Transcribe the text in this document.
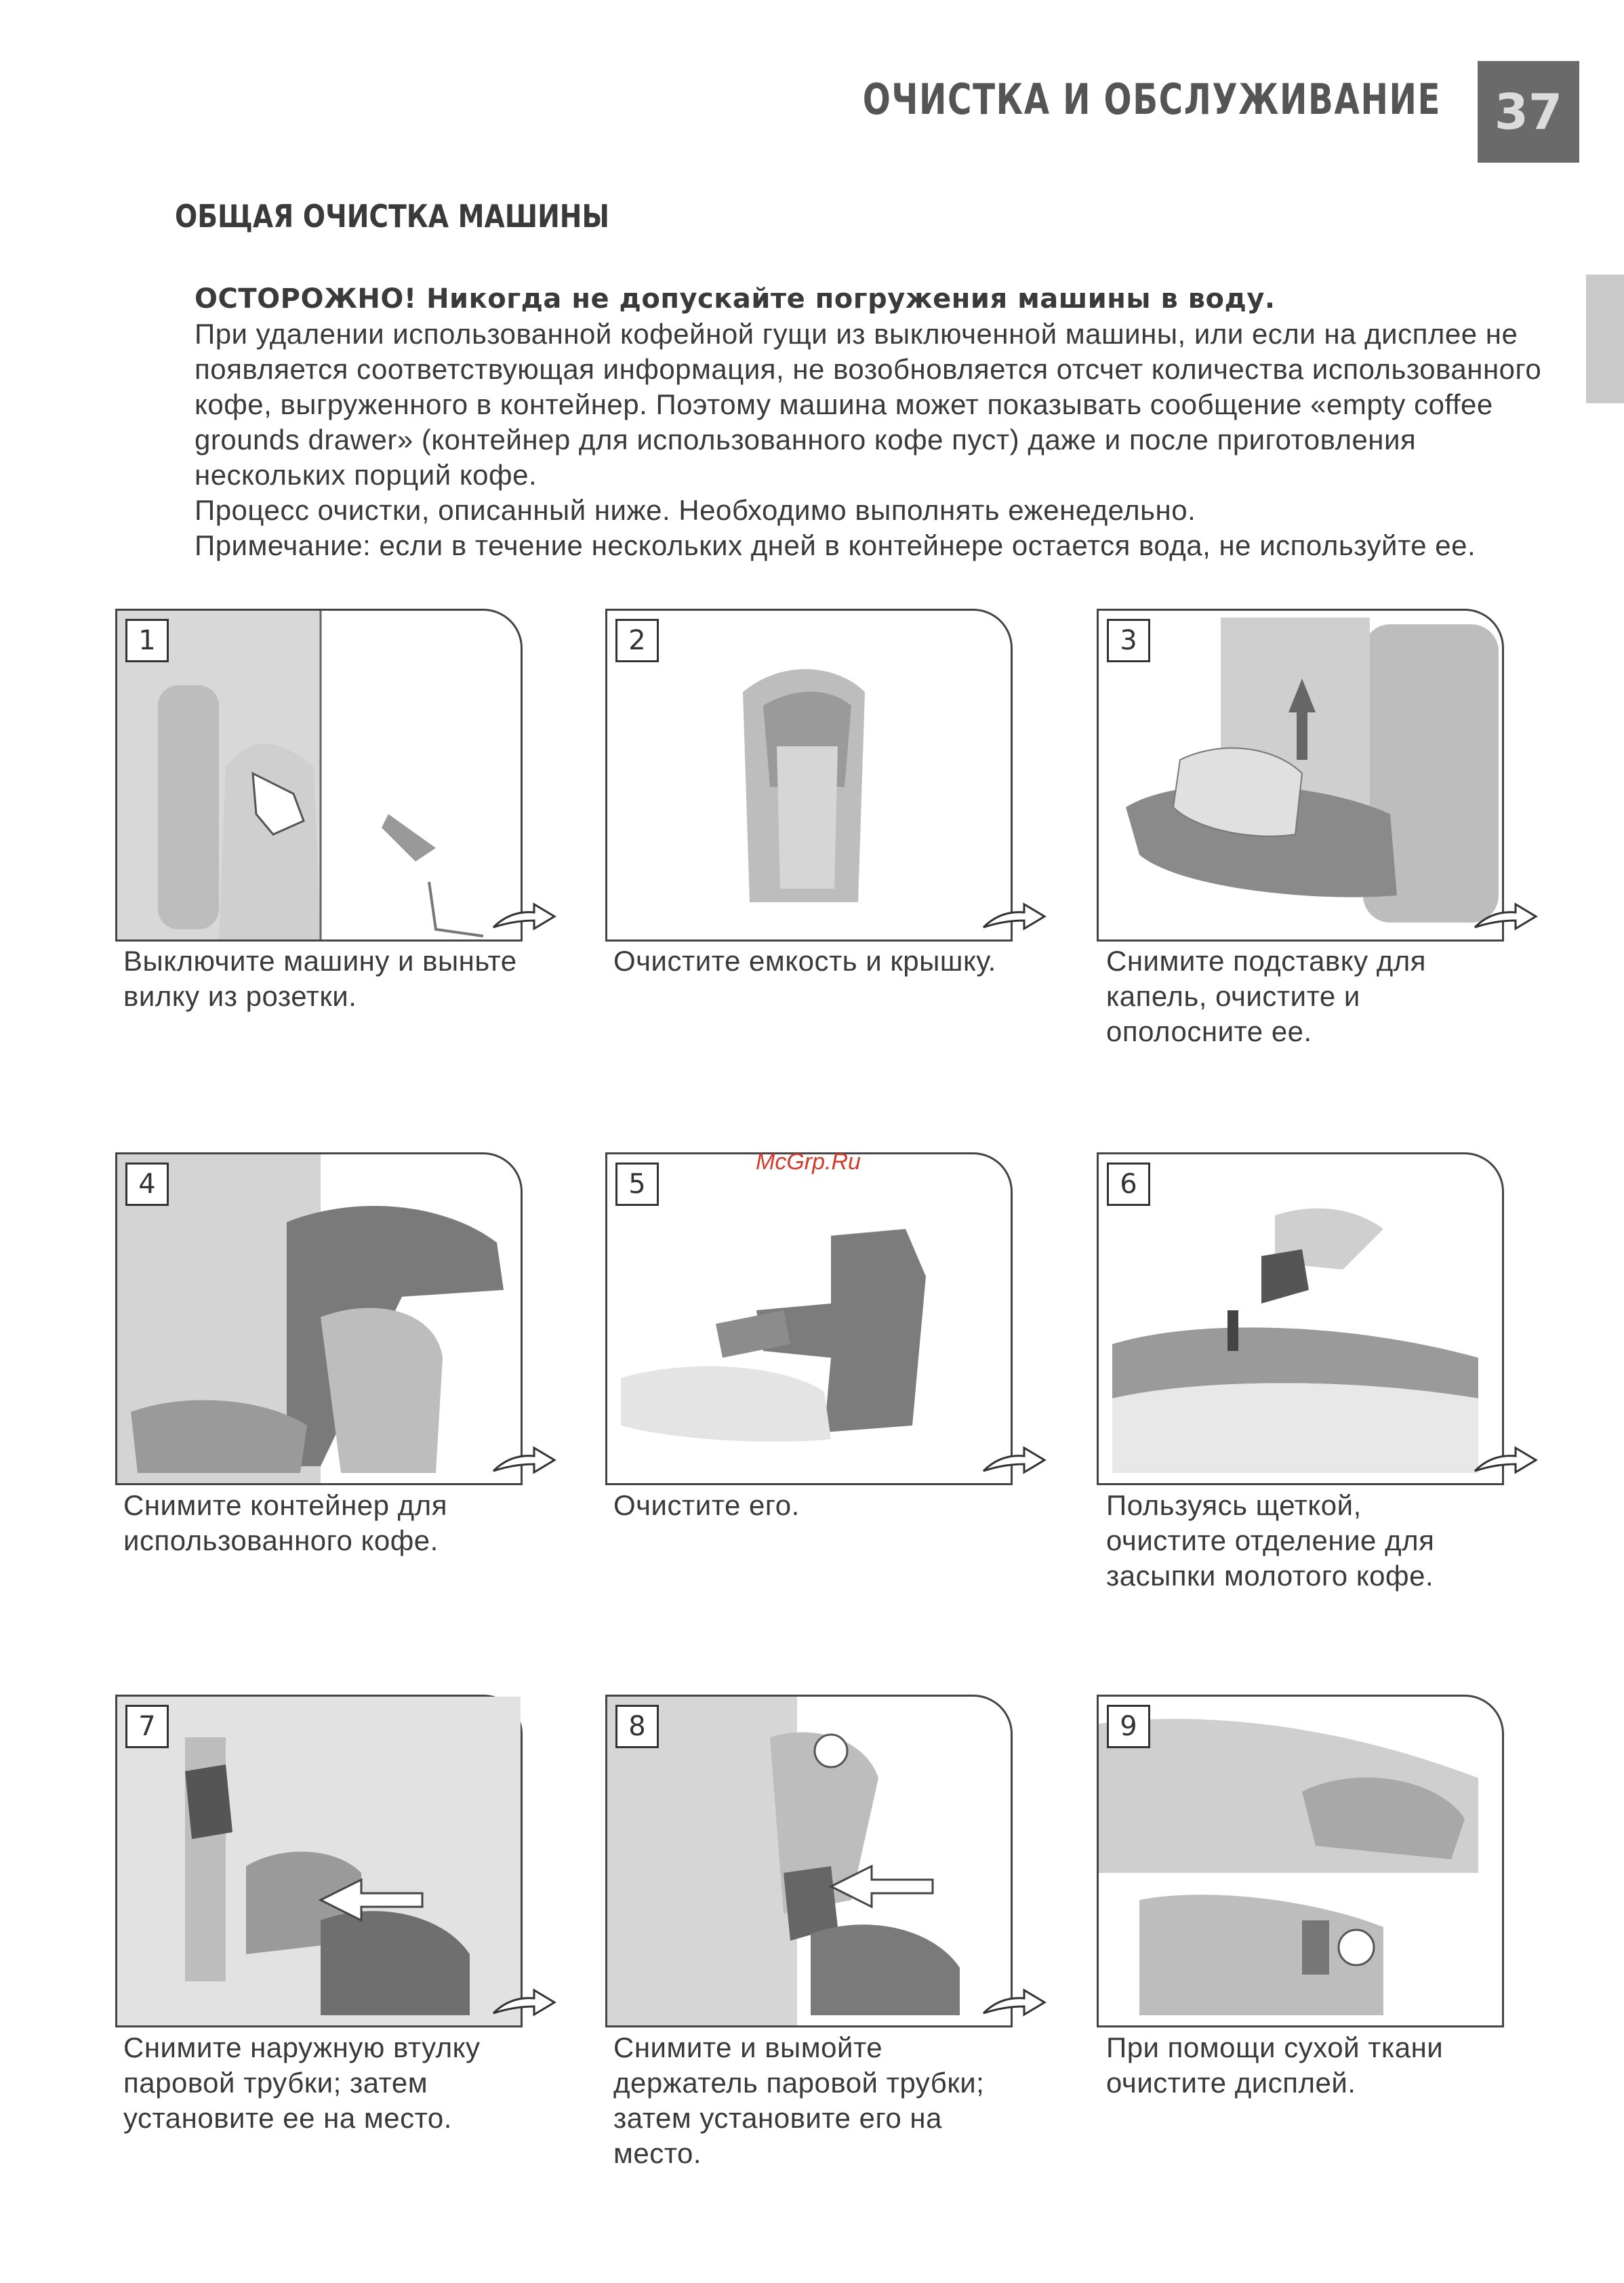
ОЧИСТКА И ОБСЛУЖИВАНИЕ	37
ОБЩАЯ ОЧИСТКА МАШИНЫ

ОСТОРОЖНО! Никогда не допускайте погружения машины в воду.

При удалении использованной кофейной гущи из выключенной машины, или если на дисплее не появляется соответствующая информация, не возобновляется отсчет количества использованного кофе, выгруженного в контейнер. Поэтому машина может показывать сообщение «empty coffee grounds drawer» (контейнер для использованного кофе пуст) даже и после приготовления нескольких порций кофе.

Процесс очистки, описанный ниже. Необходимо выполнять еженедельно.

Примечание: если в течение нескольких дней в контейнере остается вода, не используйте ее.

1	2	3
Выключите машину и выньте вилку из розетки.
Очистите емкость и крышку.	Снимите подставку для капель, очистите и ополосните ее.
4	5	6
Снимите контейнер для использованного кофе.
Очистите его.	Пользуясь щеткой, очистите отделение для засыпки молотого кофе.
7	8	9
Снимите наружную втулку паровой трубки; затем установите ее на место.
Снимите и вымойте держатель паровой трубки; затем установите его на место.
При помощи сухой ткани очистите дисплей.
McGrp.Ru
